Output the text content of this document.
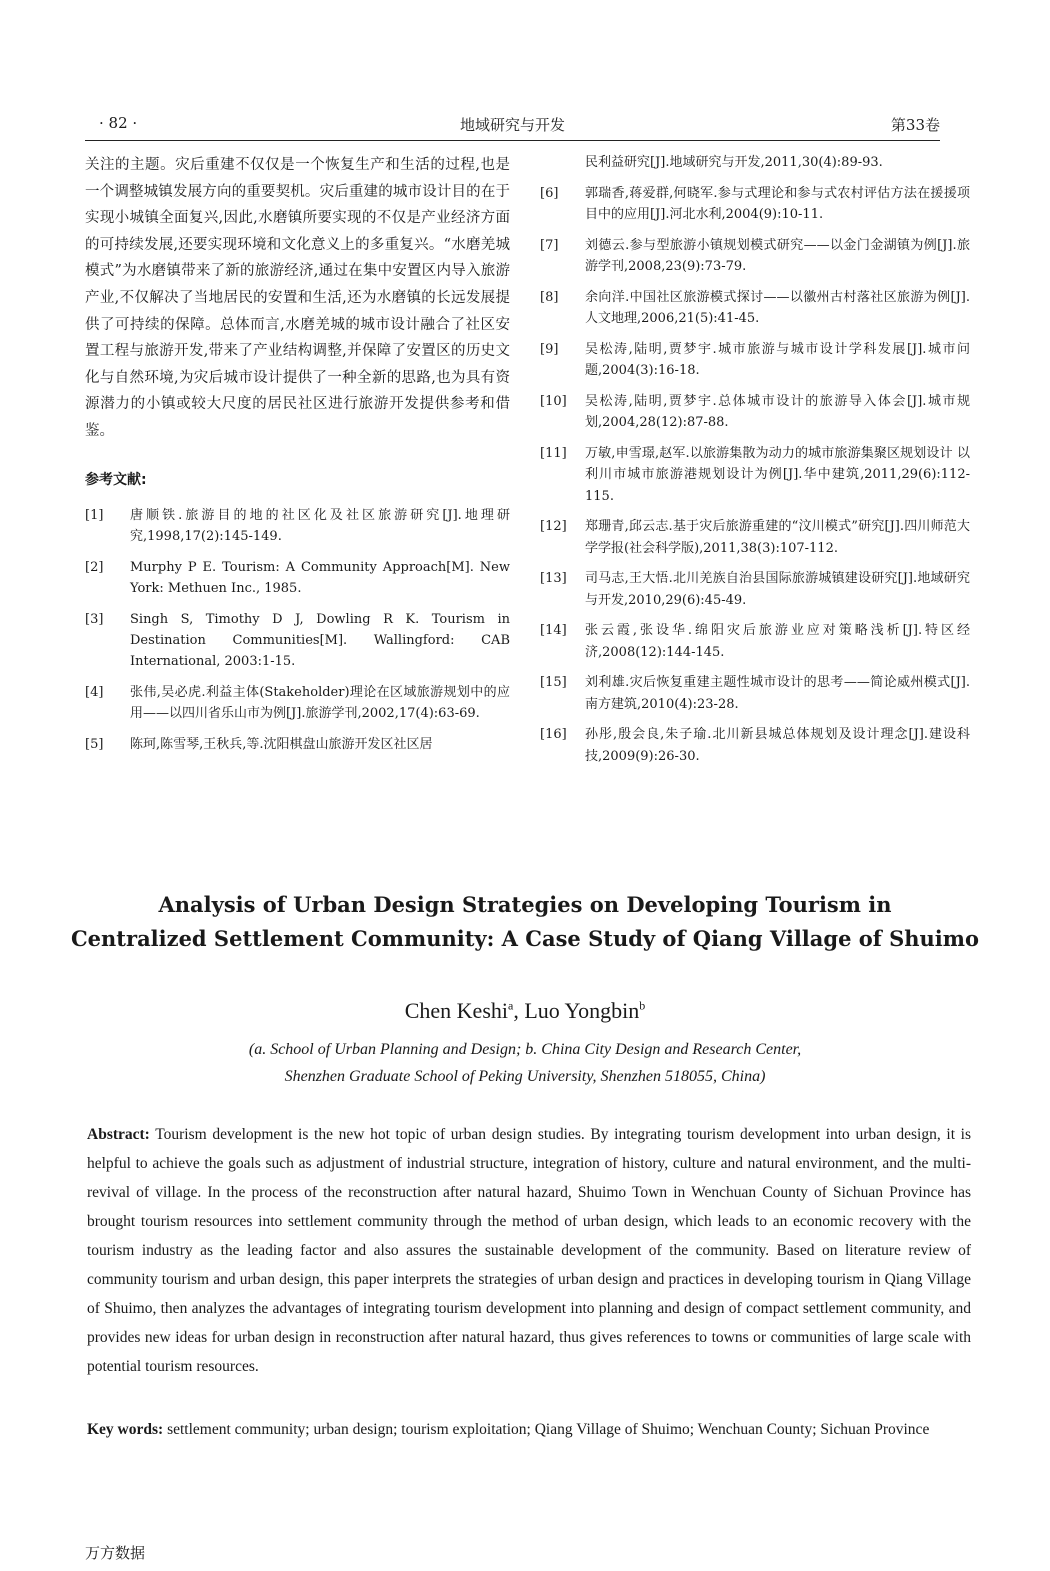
· 82 ·	地域研究与开发	第33卷

关注的主题。灾后重建不仅仅是一个恢复生产和生活的过程,也是一个调整城镇发展方向的重要契机。灾后重建的城市设计目的在于实现小城镇全面复兴,因此,水磨镇所要实现的不仅是产业经济方面的可持续发展,还要实现环境和文化意义上的多重复兴。“水磨羌城模式”为水磨镇带来了新的旅游经济,通过在集中安置区内导入旅游产业,不仅解决了当地居民的安置和生活,还为水磨镇的长远发展提供了可持续的保障。总体而言,水磨羌城的城市设计融合了社区安置工程与旅游开发,带来了产业结构调整,并保障了安置区的历史文化与自然环境,为灾后城市设计提供了一种全新的思路,也为具有资源潜力的小镇或较大尺度的居民社区进行旅游开发提供参考和借鉴。

参考文献:
[1] 唐顺铁.旅游目的地的社区化及社区旅游研究[J].地理研究,1998,17(2):145-149.
[2] Murphy P E. Tourism: A Community Approach[M]. New York: Methuen Inc., 1985.
[3] Singh S, Timothy D J, Dowling R K. Tourism in Destination Communities[M]. Wallingford: CAB International, 2003:1-15.
[4] 张伟,吴必虎.利益主体(Stakeholder)理论在区域旅游规划中的应用——以四川省乐山市为例[J].旅游学刊,2002,17(4):63-69.
[5] 陈珂,陈雪琴,王秋兵,等.沈阳棋盘山旅游开发区社区居
民利益研究[J].地域研究与开发,2011,30(4):89-93.
[6] 郭瑞香,蒋爱群,何晓军.参与式理论和参与式农村评估方法在援援项目中的应用[J].河北水利,2004(9):10-11.
[7] 刘德云.参与型旅游小镇规划模式研究——以金门金湖镇为例[J].旅游学刊,2008,23(9):73-79.
[8] 余向洋.中国社区旅游模式探讨——以徽州古村落社区旅游为例[J].人文地理,2006,21(5):41-45.
[9] 吴松涛,陆明,贾梦宇.城市旅游与城市设计学科发展[J].城市问题,2004(3):16-18.
[10] 吴松涛,陆明,贾梦宇.总体城市设计的旅游导入体会[J].城市规划,2004,28(12):87-88.
[11] 万敏,申雪璟,赵军.以旅游集散为动力的城市旅游集聚区规划设计 以利川市城市旅游港规划设计为例[J].华中建筑,2011,29(6):112-115.
[12] 郑珊青,邱云志.基于灾后旅游重建的“汶川模式”研究[J].四川师范大学学报(社会科学版),2011,38(3):107-112.
[13] 司马志,王大悟.北川羌族自治县国际旅游城镇建设研究[J].地域研究与开发,2010,29(6):45-49.
[14] 张云霞,张设华.绵阳灾后旅游业应对策略浅析[J].特区经济,2008(12):144-145.
[15] 刘利雄.灾后恢复重建主题性城市设计的思考——简论威州模式[J].南方建筑,2010(4):23-28.
[16] 孙彤,殷会良,朱子瑜.北川新县城总体规划及设计理念[J].建设科技,2009(9):26-30.
Analysis of Urban Design Strategies on Developing Tourism in
Centralized Settlement Community: A Case Study of Qiang Village of Shuimo
Chen Keshi$^a$, Luo Yongbin$^b$
(a. School of Urban Planning and Design; b. China City Design and Research Center,
Shenzhen Graduate School of Peking University, Shenzhen 518055, China)
Abstract: Tourism development is the new hot topic of urban design studies. By integrating tourism development into urban design, it is helpful to achieve the goals such as adjustment of industrial structure, integration of history, culture and natural environment, and the multi-revival of village. In the process of the reconstruction after natural hazard, Shuimo Town in Wenchuan County of Sichuan Province has brought tourism resources into settlement community through the method of urban design, which leads to an economic recovery with the tourism industry as the leading factor and also assures the sustainable development of the community. Based on literature review of community tourism and urban design, this paper interprets the strategies of urban design and practices in developing tourism in Qiang Village of Shuimo, then analyzes the advantages of integrating tourism development into planning and design of compact settlement community, and provides new ideas for urban design in reconstruction after natural hazard, thus gives references to towns or communities of large scale with potential tourism resources.
Key words: settlement community; urban design; tourism exploitation; Qiang Village of Shuimo; Wenchuan County; Sichuan Province
万方数据
